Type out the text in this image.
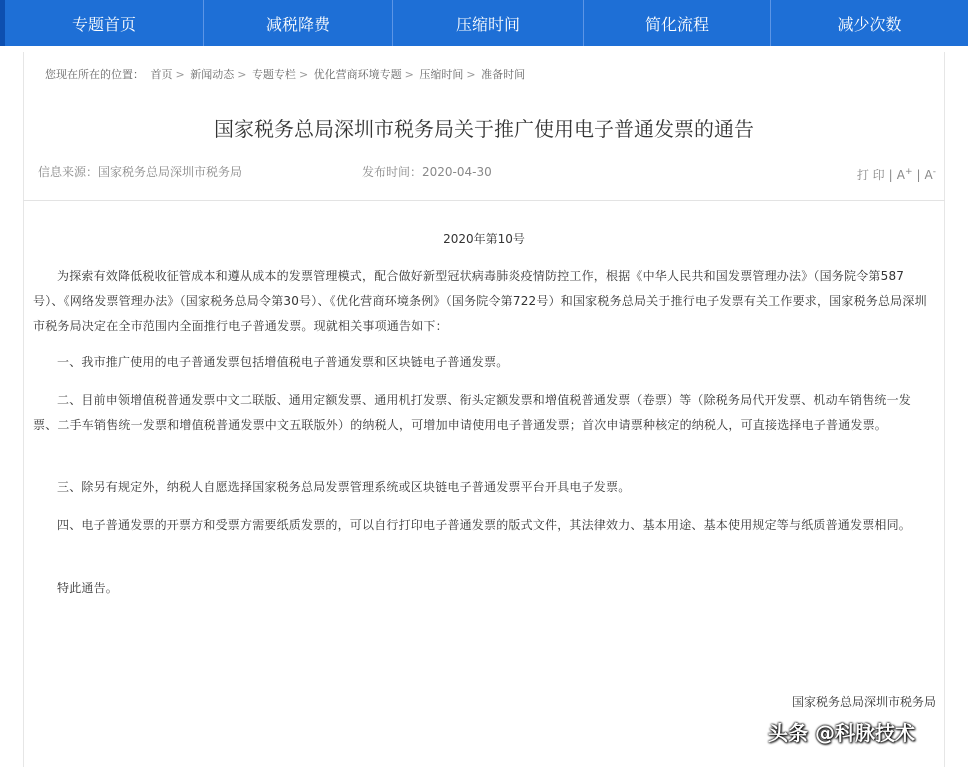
专题首页	减税降费	压缩时间	简化流程	减少次数
您现在所在的位置： 首页 > 新闻动态 > 专题专栏 > 优化营商环境专题 > 压缩时间 > 准备时间
国家税务总局深圳市税务局关于推广使用电子普通发票的通告
信息来源：国家税务总局深圳市税务局	发布时间：2020-04-30	打 印 | A+ | A-
2020年第10号

为探索有效降低税收征管成本和遵从成本的发票管理模式，配合做好新型冠状病毒肺炎疫情防控工作，根据《中华人民共和国发票管理办法》（国务院令第587号）、《网络发票管理办法》（国家税务总局令第30号）、《优化营商环境条例》（国务院令第722号）和国家税务总局关于推行电子发票有关工作要求，国家税务总局深圳市税务局决定在全市范围内全面推行电子普通发票。现就相关事项通告如下：

一、我市推广使用的电子普通发票包括增值税电子普通发票和区块链电子普通发票。

二、目前申领增值税普通发票中文二联版、通用定额发票、通用机打发票、衔头定额发票和增值税普通发票（卷票）等（除税务局代开发票、机动车销售统一发票、二手车销售统一发票和增值税普通发票中文五联版外）的纳税人，可增加申请使用电子普通发票；首次申请票种核定的纳税人，可直接选择电子普通发票。

三、除另有规定外，纳税人自愿选择国家税务总局发票管理系统或区块链电子普通发票平台开具电子发票。

四、电子普通发票的开票方和受票方需要纸质发票的，可以自行打印电子普通发票的版式文件，其法律效力、基本用途、基本使用规定等与纸质普通发票相同。

特此通告。

国家税务总局深圳市税务局
头条 @科脉技术
